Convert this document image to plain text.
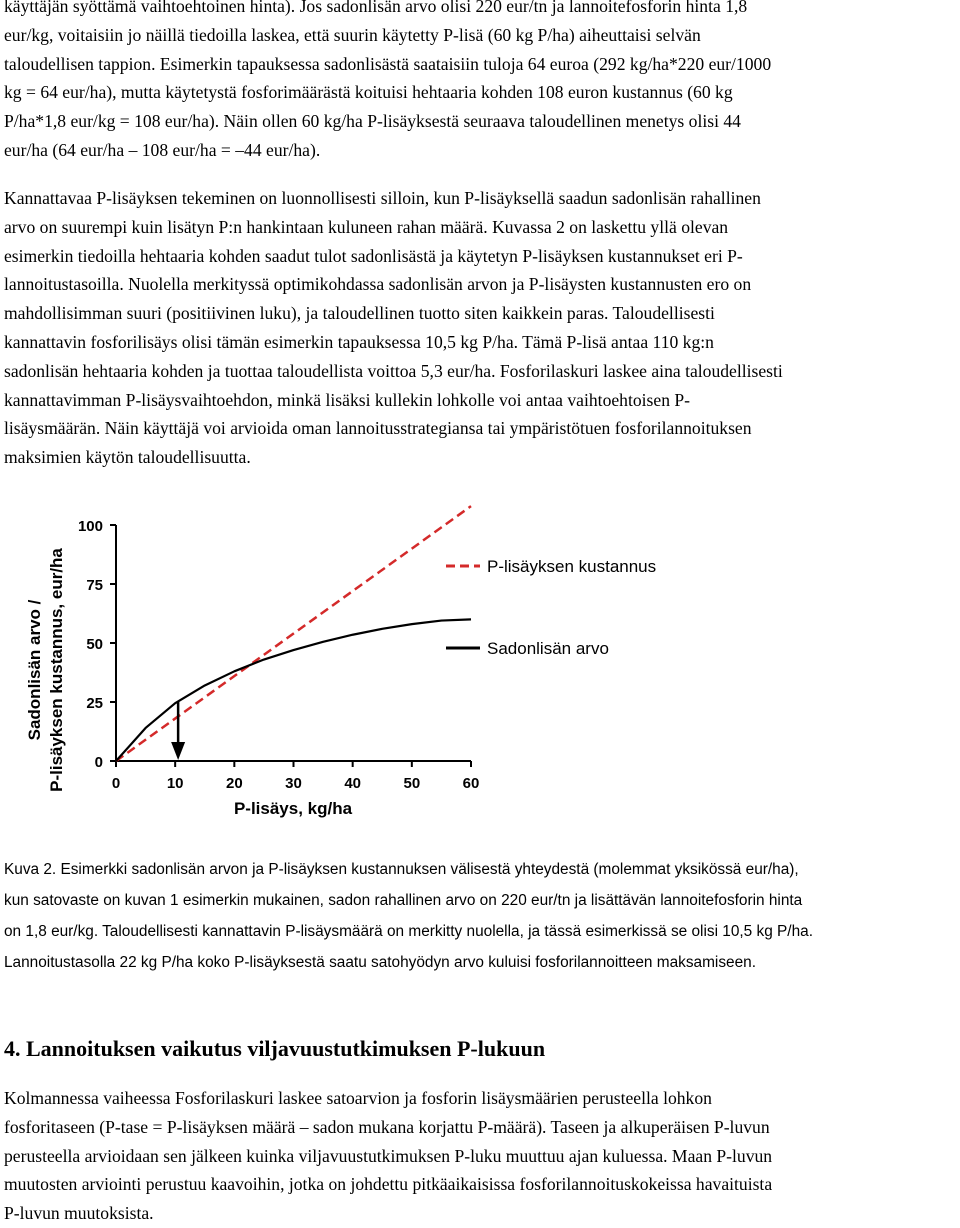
käyttäjän syöttämä vaihtoehtoinen hinta). Jos sadonlisän arvo olisi 220 eur/tn ja lannoitefosforin hinta 1,8
eur/kg, voitaisiin jo näillä tiedoilla laskea, että suurin käytetty P-lisä (60 kg P/ha) aiheuttaisi selvän
taloudellisen tappion. Esimerkin tapauksessa sadonlisästä saataisiin tuloja 64 euroa (292 kg/ha*220 eur/1000
kg = 64 eur/ha), mutta käytetystä fosforimäärästä koituisi hehtaaria kohden 108 euron kustannus (60 kg
P/ha*1,8 eur/kg = 108 eur/ha). Näin ollen 60 kg/ha P-lisäyksestä seuraava taloudellinen menetys olisi 44
eur/ha (64 eur/ha – 108 eur/ha = –44 eur/ha).
Kannattavaa P-lisäyksen tekeminen on luonnollisesti silloin, kun P-lisäyksellä saadun sadonlisän rahallinen
arvo on suurempi kuin lisätyn P:n hankintaan kuluneen rahan määrä. Kuvassa 2 on laskettu yllä olevan
esimerkin tiedoilla hehtaaria kohden saadut tulot sadonlisästä ja käytetyn P-lisäyksen kustannukset eri P-
lannoitustasoilla. Nuolella merkityssä optimikohdassa sadonlisän arvon ja P-lisäysten kustannusten ero on
mahdollisimman suuri (positiivinen luku), ja taloudellinen tuotto siten kaikkein paras. Taloudellisesti
kannattavin fosforilisäys olisi tämän esimerkin tapauksessa 10,5 kg P/ha. Tämä P-lisä antaa 110 kg:n
sadonlisän hehtaaria kohden ja tuottaa taloudellista voittoa 5,3 eur/ha. Fosforilaskuri laskee aina taloudellisesti
kannattavimman P-lisäysvaihtoehdon, minkä lisäksi kullekin lohkolle voi antaa vaihtoehtoisen P-
lisäysmäärän. Näin käyttäjä voi arvioida oman lannoitusstrategiansa tai ympäristötuen fosforilannoituksen
maksimien käytön taloudellisuutta.
Sadonlisän arvo / P-lisäyksen kustannus, eur/ha 0
25
50
75
100
0	10	20	30	40	50	60
P-lisäys, kg/ha
P-lisäyksen kustannus
Sadonlisän arvo
Kuva 2. Esimerkki sadonlisän arvon ja P-lisäyksen kustannuksen välisestä yhteydestä (molemmat yksikössä eur/ha),
kun satovaste on kuvan 1 esimerkin mukainen, sadon rahallinen arvo on 220 eur/tn ja lisättävän lannoitefosforin hinta
on 1,8 eur/kg. Taloudellisesti kannattavin P-lisäysmäärä on merkitty nuolella, ja tässä esimerkissä se olisi 10,5 kg P/ha.
Lannoitustasolla 22 kg P/ha koko P-lisäyksestä saatu satohyödyn arvo kuluisi fosforilannoitteen maksamiseen.
4. Lannoituksen vaikutus viljavuustutkimuksen P-lukuun
Kolmannessa vaiheessa Fosforilaskuri laskee satoarvion ja fosforin lisäysmäärien perusteella lohkon
fosforitaseen (P-tase = P-lisäyksen määrä – sadon mukana korjattu P-määrä). Taseen ja alkuperäisen P-luvun
perusteella arvioidaan sen jälkeen kuinka viljavuustutkimuksen P-luku muuttuu ajan kuluessa. Maan P-luvun
muutosten arviointi perustuu kaavoihin, jotka on johdettu pitkäaikaisissa fosforilannoituskokeissa havaituista
P-luvun muutoksista.
